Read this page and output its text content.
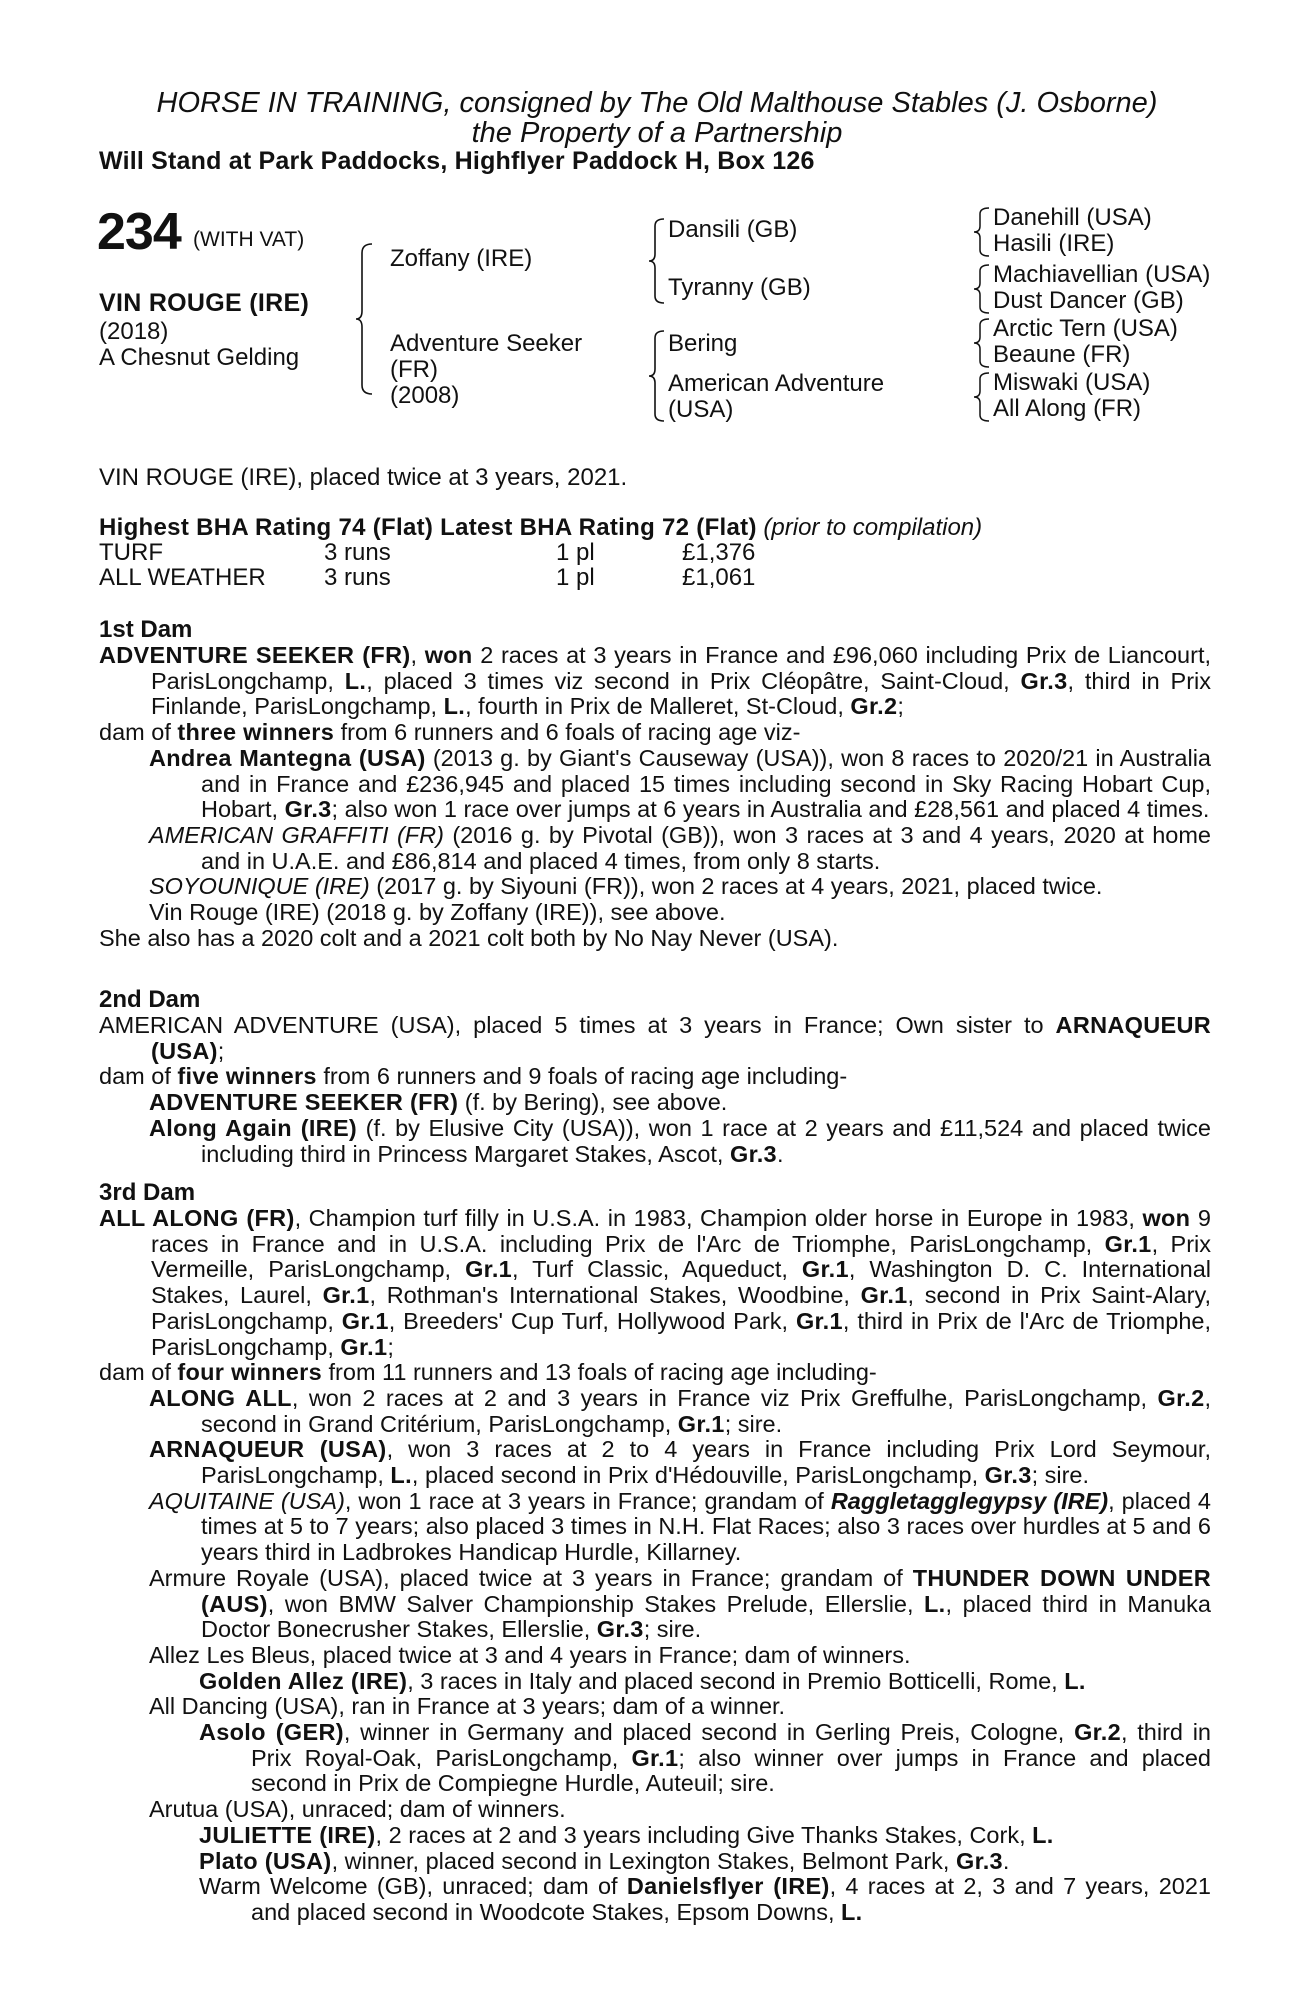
HORSE IN TRAINING, consigned by The Old Malthouse Stables (J. Osborne)
the Property of a Partnership
Will Stand at Park Paddocks, Highflyer Paddock H, Box 126
234 (WITH VAT)
VIN ROUGE (IRE)
(2018)
A Chesnut Gelding
Zoffany (IRE)
Adventure Seeker
(FR)
(2008)
Dansili (GB)
Tyranny (GB)
Bering
American Adventure
(USA)
Danehill (USA)
Hasili (IRE)
Machiavellian (USA)
Dust Dancer (GB)
Arctic Tern (USA)
Beaune (FR)
Miswaki (USA)
All Along (FR)
VIN ROUGE (IRE), placed twice at 3 years, 2021.
Highest BHA Rating 74 (Flat) Latest BHA Rating 72 (Flat) (prior to compilation)
TURF	3 runs	1 pl	£1,376
ALL WEATHER 3 runs	1 pl	£1,061

1st Dam

ADVENTURE SEEKER (FR), won 2 races at 3 years in France and £96,060 including Prix de Liancourt, ParisLongchamp, L., placed 3 times viz second in Prix Cléopâtre, Saint-Cloud, Gr.3, third in Prix Finlande, ParisLongchamp, L., fourth in Prix de Malleret, St-Cloud, Gr.2;

dam of three winners from 6 runners and 6 foals of racing age viz-

Andrea Mantegna (USA) (2013 g. by Giant's Causeway (USA)), won 8 races to 2020/21 in Australia and in France and £236,945 and placed 15 times including second in Sky Racing Hobart Cup, Hobart, Gr.3; also won 1 race over jumps at 6 years in Australia and £28,561 and placed 4 times.

AMERICAN GRAFFITI (FR) (2016 g. by Pivotal (GB)), won 3 races at 3 and 4 years, 2020 at home and in U.A.E. and £86,814 and placed 4 times, from only 8 starts.

SOYOUNIQUE (IRE) (2017 g. by Siyouni (FR)), won 2 races at 4 years, 2021, placed twice.

Vin Rouge (IRE) (2018 g. by Zoffany (IRE)), see above.

She also has a 2020 colt and a 2021 colt both by No Nay Never (USA).

2nd Dam

AMERICAN ADVENTURE (USA), placed 5 times at 3 years in France; Own sister to ARNAQUEUR (USA);

dam of five winners from 6 runners and 9 foals of racing age including-

ADVENTURE SEEKER (FR) (f. by Bering), see above.

Along Again (IRE) (f. by Elusive City (USA)), won 1 race at 2 years and £11,524 and placed twice including third in Princess Margaret Stakes, Ascot, Gr.3.

3rd Dam

ALL ALONG (FR), Champion turf filly in U.S.A. in 1983, Champion older horse in Europe in 1983, won 9 races in France and in U.S.A. including Prix de l'Arc de Triomphe, ParisLongchamp, Gr.1, Prix Vermeille, ParisLongchamp, Gr.1, Turf Classic, Aqueduct, Gr.1, Washington D. C. International Stakes, Laurel, Gr.1, Rothman's International Stakes, Woodbine, Gr.1, second in Prix Saint-Alary, ParisLongchamp, Gr.1, Breeders' Cup Turf, Hollywood Park, Gr.1, third in Prix de l'Arc de Triomphe, ParisLongchamp, Gr.1;

dam of four winners from 11 runners and 13 foals of racing age including-

ALONG ALL, won 2 races at 2 and 3 years in France viz Prix Greffulhe, ParisLongchamp, Gr.2, second in Grand Critérium, ParisLongchamp, Gr.1; sire.

ARNAQUEUR (USA), won 3 races at 2 to 4 years in France including Prix Lord Seymour, ParisLongchamp, L., placed second in Prix d'Hédouville, ParisLongchamp, Gr.3; sire.

AQUITAINE (USA), won 1 race at 3 years in France; grandam of Raggletagglegypsy (IRE), placed 4 times at 5 to 7 years; also placed 3 times in N.H. Flat Races; also 3 races over hurdles at 5 and 6 years third in Ladbrokes Handicap Hurdle, Killarney.

Armure Royale (USA), placed twice at 3 years in France; grandam of THUNDER DOWN UNDER (AUS), won BMW Salver Championship Stakes Prelude, Ellerslie, L., placed third in Manuka Doctor Bonecrusher Stakes, Ellerslie, Gr.3; sire.

Allez Les Bleus, placed twice at 3 and 4 years in France; dam of winners.

Golden Allez (IRE), 3 races in Italy and placed second in Premio Botticelli, Rome, L.

All Dancing (USA), ran in France at 3 years; dam of a winner.

Asolo (GER), winner in Germany and placed second in Gerling Preis, Cologne, Gr.2, third in Prix Royal-Oak, ParisLongchamp, Gr.1; also winner over jumps in France and placed second in Prix de Compiegne Hurdle, Auteuil; sire.

Arutua (USA), unraced; dam of winners.

JULIETTE (IRE), 2 races at 2 and 3 years including Give Thanks Stakes, Cork, L.

Plato (USA), winner, placed second in Lexington Stakes, Belmont Park, Gr.3.

Warm Welcome (GB), unraced; dam of Danielsflyer (IRE), 4 races at 2, 3 and 7 years, 2021 and placed second in Woodcote Stakes, Epsom Downs, L.
